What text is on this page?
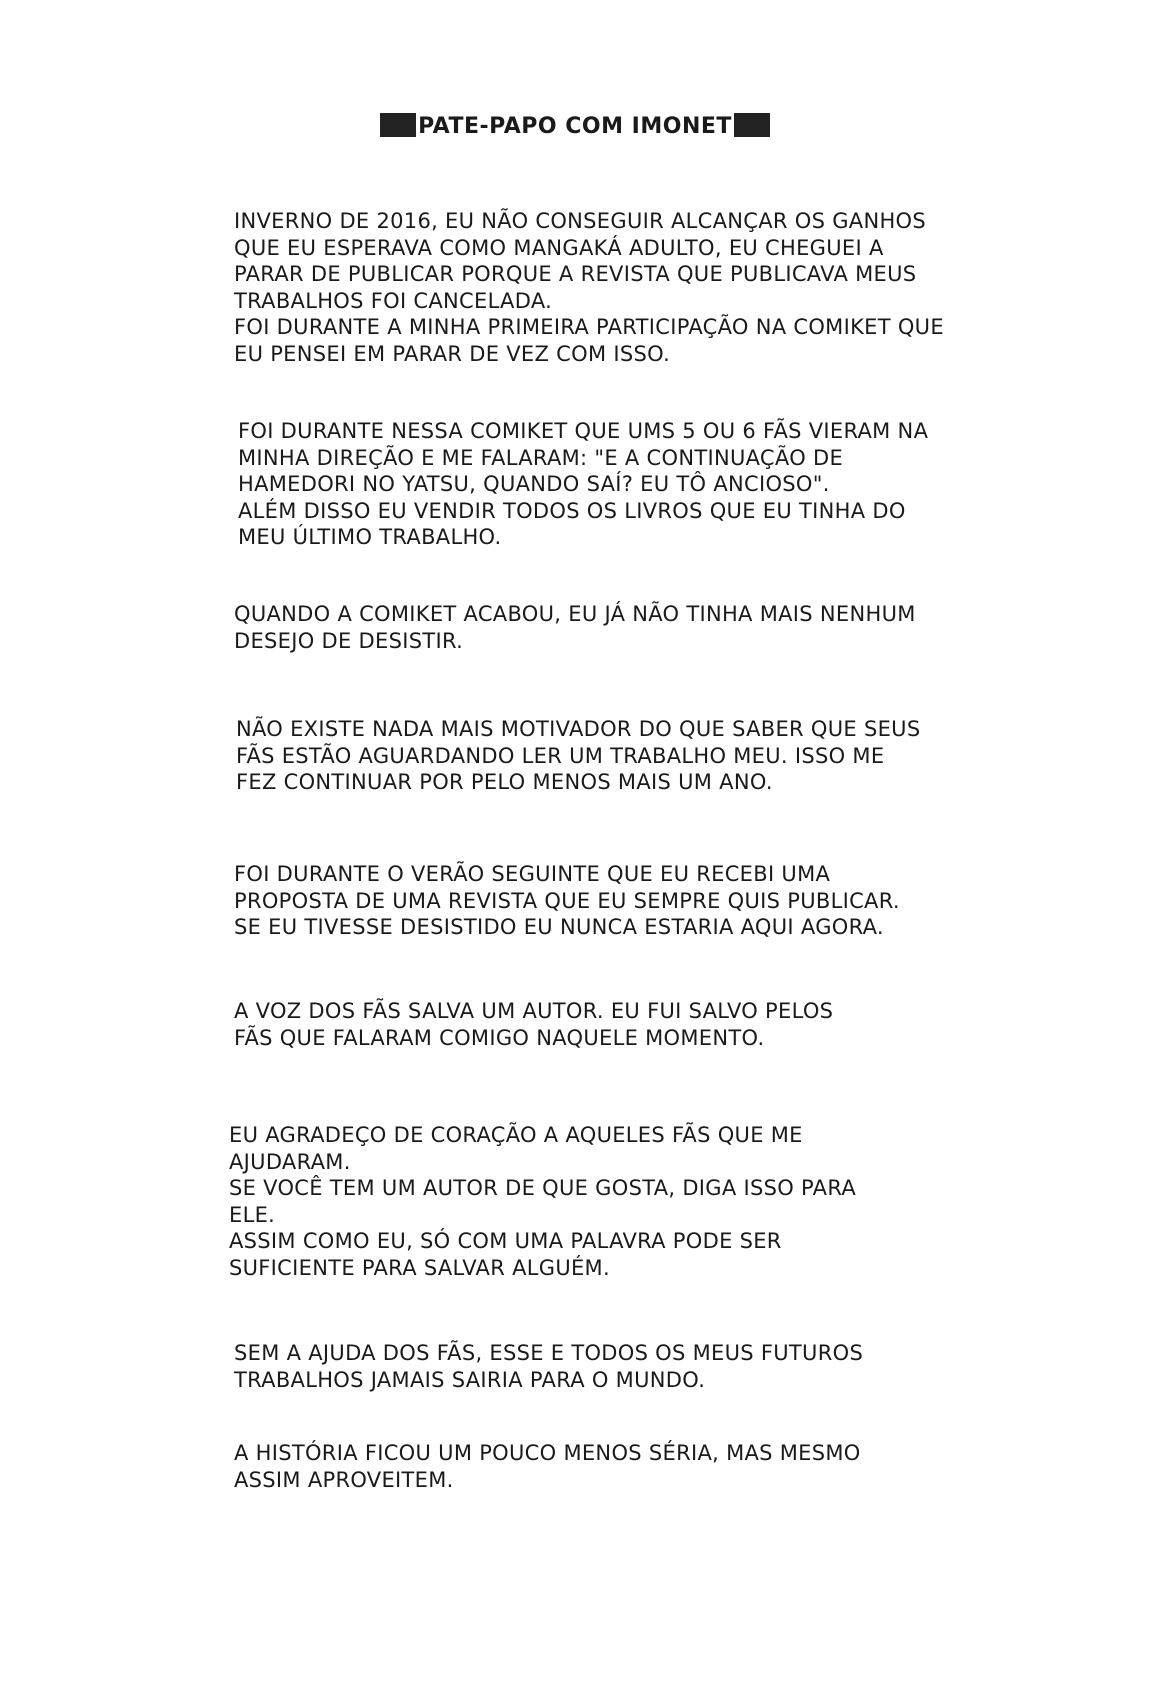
PATE-PAPO COM IMONET
INVERNO DE 2016, EU NÃO CONSEGUIR ALCANÇAR OS GANHOS
QUE EU ESPERAVA COMO MANGAKÁ ADULTO, EU CHEGUEI A
PARAR DE PUBLICAR PORQUE A REVISTA QUE PUBLICAVA MEUS
TRABALHOS FOI CANCELADA.
FOI DURANTE A MINHA PRIMEIRA PARTICIPAÇÃO NA COMIKET QUE
EU PENSEI EM PARAR DE VEZ COM ISSO.
FOI DURANTE NESSA COMIKET QUE UMS 5 OU 6 FÃS VIERAM NA
MINHA DIREÇÃO E ME FALARAM: "E A CONTINUAÇÃO DE
HAMEDORI NO YATSU, QUANDO SAÍ? EU TÔ ANCIOSO".
ALÉM DISSO EU VENDIR TODOS OS LIVROS QUE EU TINHA DO
MEU ÚLTIMO TRABALHO.
QUANDO A COMIKET ACABOU, EU JÁ NÃO TINHA MAIS NENHUM
DESEJO DE DESISTIR.
NÃO EXISTE NADA MAIS MOTIVADOR DO QUE SABER QUE SEUS
FÃS ESTÃO AGUARDANDO LER UM TRABALHO MEU. ISSO ME
FEZ CONTINUAR POR PELO MENOS MAIS UM ANO.
FOI DURANTE O VERÃO SEGUINTE QUE EU RECEBI UMA
PROPOSTA DE UMA REVISTA QUE EU SEMPRE QUIS PUBLICAR.
SE EU TIVESSE DESISTIDO EU NUNCA ESTARIA AQUI AGORA.
A VOZ DOS FÃS SALVA UM AUTOR. EU FUI SALVO PELOS
FÃS QUE FALARAM COMIGO NAQUELE MOMENTO.
EU AGRADEÇO DE CORAÇÃO A AQUELES FÃS QUE ME
AJUDARAM.
SE VOCÊ TEM UM AUTOR DE QUE GOSTA, DIGA ISSO PARA
ELE.
ASSIM COMO EU, SÓ COM UMA PALAVRA PODE SER
SUFICIENTE PARA SALVAR ALGUÉM.
SEM A AJUDA DOS FÃS, ESSE E TODOS OS MEUS FUTUROS
TRABALHOS JAMAIS SAIRIA PARA O MUNDO.
A HISTÓRIA FICOU UM POUCO MENOS SÉRIA, MAS MESMO
ASSIM APROVEITEM.
